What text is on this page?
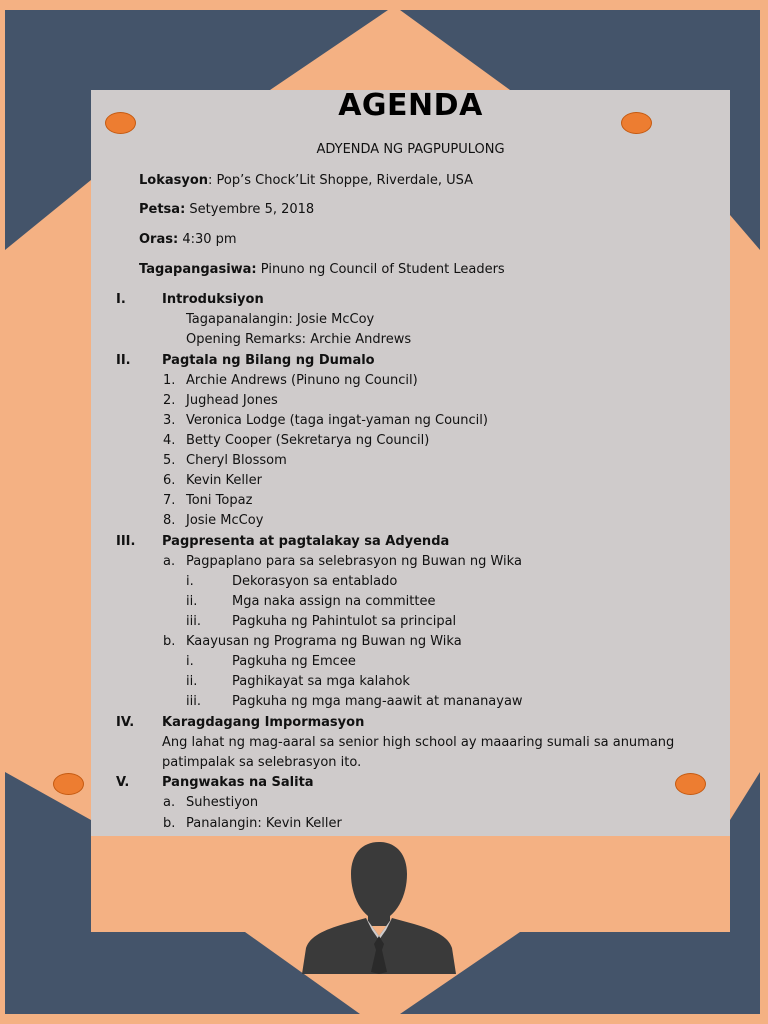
AGENDA
ADYENDA NG PAGPUPULONG
Lokasyon: Pop’s Chock’Lit Shoppe, Riverdale, USA
Petsa: Setyembre 5, 2018
Oras: 4:30 pm
Tagapangasiwa: Pinuno ng Council of Student Leaders
I.	Introduksiyon
Tagapanalangin: Josie McCoy
Opening Remarks: Archie Andrews
II. Pagtala ng Bilang ng Dumalo
1. Archie Andrews (Pinuno ng Council)
2. Jughead Jones
3. Veronica Lodge (taga ingat-yaman ng Council)
4. Betty Cooper (Sekretarya ng Council)
5. Cheryl Blossom
6. Kevin Keller
7. Toni Topaz
8. Josie McCoy
III. Pagpresenta at pagtalakay sa Adyenda
a. Pagpaplano para sa selebrasyon ng Buwan ng Wika
i.	Dekorasyon sa entablado
ii.	Mga naka assign na committee
iii. Pagkuha ng Pahintulot sa principal
b. Kaayusan ng Programa ng Buwan ng Wika
i.	Pagkuha ng Emcee
ii.	Paghikayat sa mga kalahok
iii. Pagkuha ng mga mang-aawit at mananayaw
IV. Karagdagang Impormasyon
Ang lahat ng mag-aaral sa senior high school ay maaaring sumali sa anumang
patimpalak sa selebrasyon ito.
V.	Pangwakas na Salita
a. Suhestiyon
b. Panalangin: Kevin Keller
